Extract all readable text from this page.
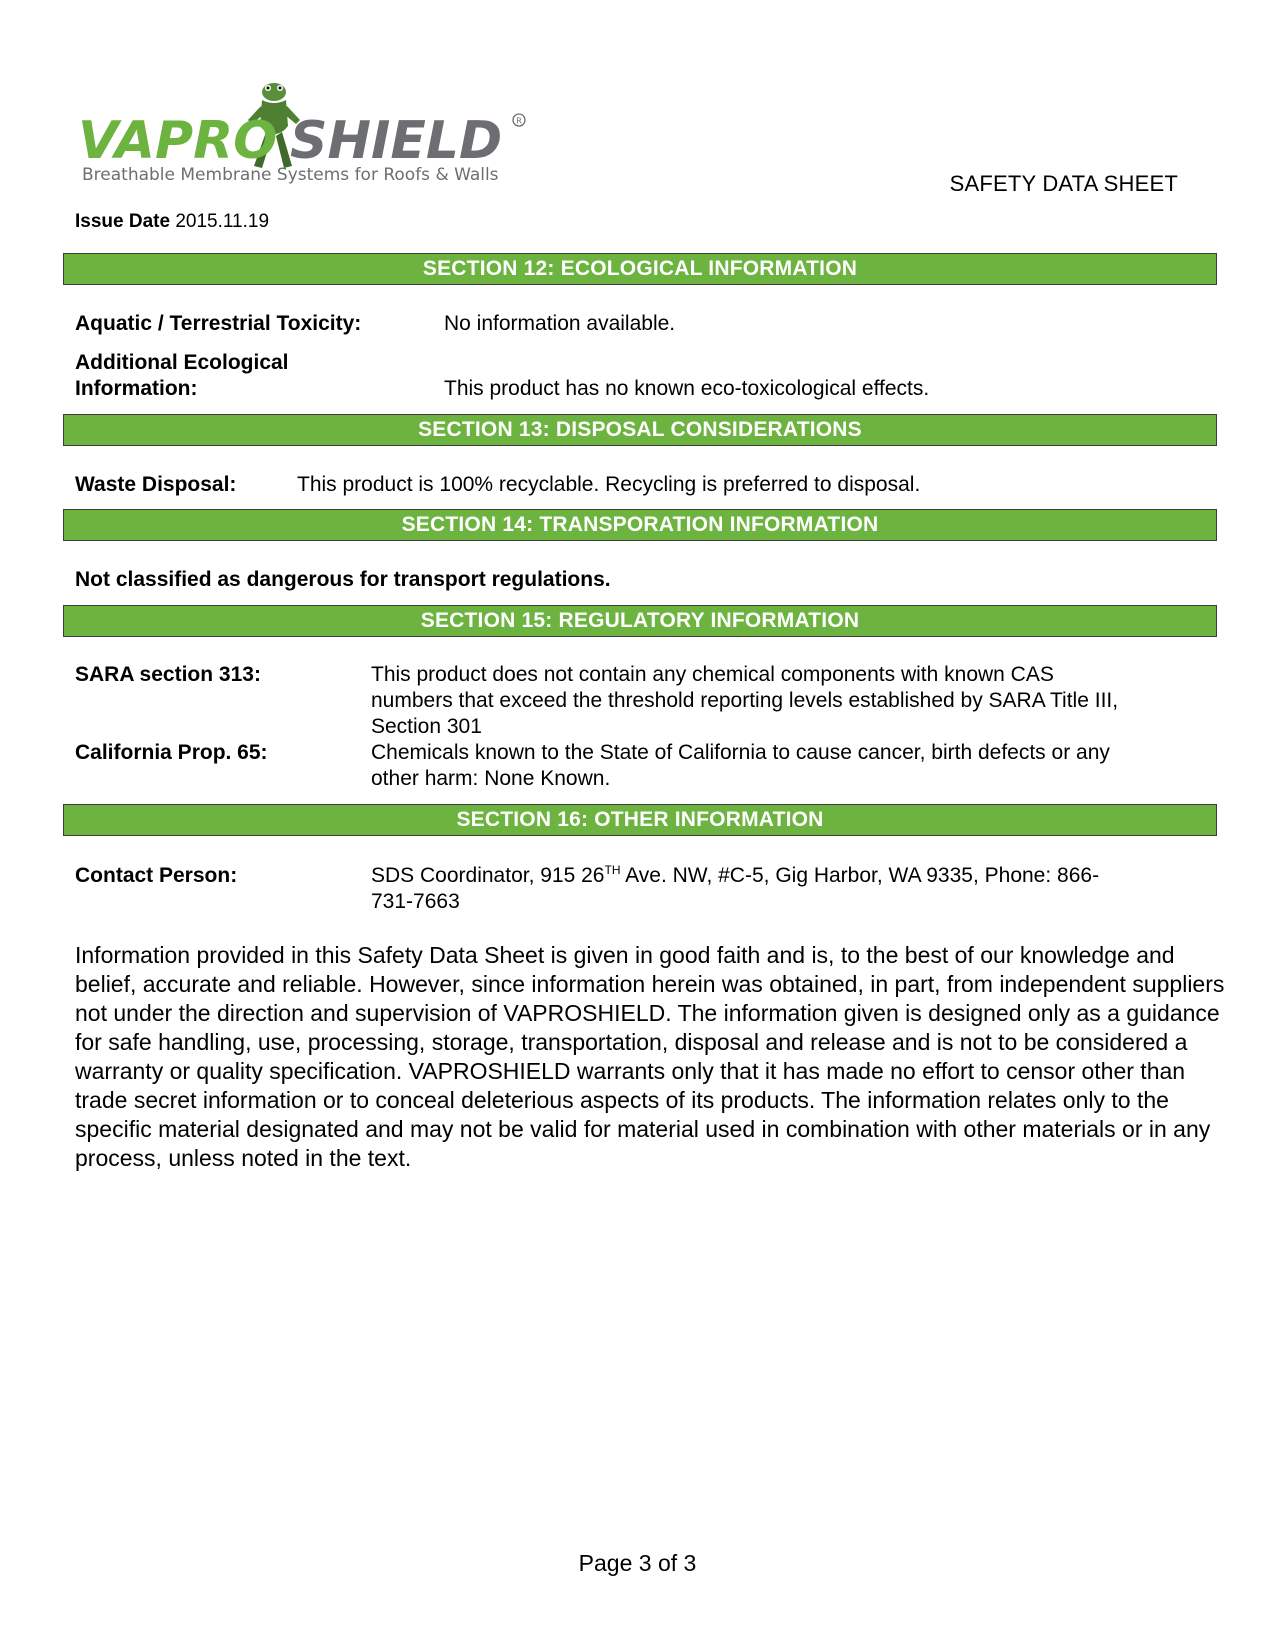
VAPRO SHIELD R
Breathable Membrane Systems for Roofs & Walls	SAFETY DATA SHEET
Issue Date 2015.11.19
SECTION 12: ECOLOGICAL INFORMATION
Aquatic / Terrestrial Toxicity:	No information available.
Additional Ecological
Information:	This product has no known eco-toxicological effects.
SECTION 13: DISPOSAL CONSIDERATIONS
Waste Disposal:	This product is 100% recyclable. Recycling is preferred to disposal.
SECTION 14: TRANSPORATION INFORMATION
Not classified as dangerous for transport regulations.
SECTION 15: REGULATORY INFORMATION
SARA section 313:	This product does not contain any chemical components with known CAS
numbers that exceed the threshold reporting levels established by SARA Title III,
Section 301
California Prop. 65:	Chemicals known to the State of California to cause cancer, birth defects or any
other harm: None Known.
SECTION 16: OTHER INFORMATION
Contact Person:	SDS Coordinator, 915 26TH Ave. NW, #C-5, Gig Harbor, WA 9335, Phone: 866-
731-7663
Information provided in this Safety Data Sheet is given in good faith and is, to the best of our knowledge and belief, accurate and reliable. However, since information herein was obtained, in part, from independent suppliers not under the direction and supervision of VAPROSHIELD. The information given is designed only as a guidance for safe handling, use, processing, storage, transportation, disposal and release and is not to be considered a warranty or quality specification. VAPROSHIELD warrants only that it has made no effort to censor other than trade secret information or to conceal deleterious aspects of its products. The information relates only to the specific material designated and may not be valid for material used in combination with other materials or in any process, unless noted in the text.
Page 3 of 3
